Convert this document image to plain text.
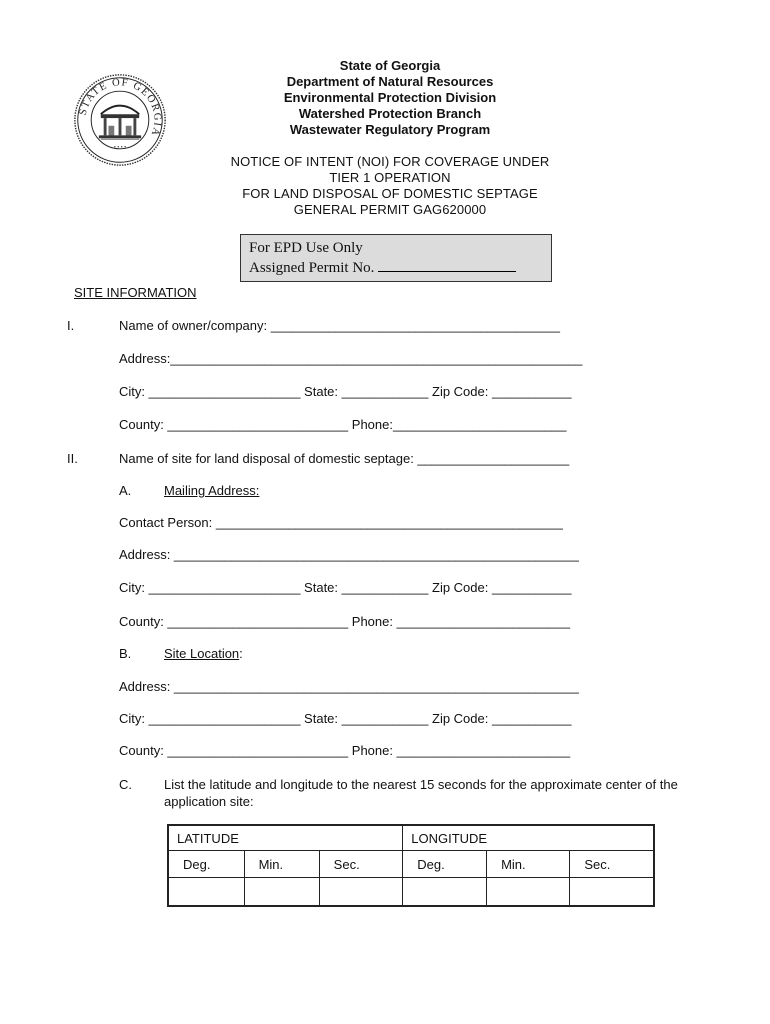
STATE OF GEORGIA
• • • •
State of Georgia
Department of Natural Resources
Environmental Protection Division
Watershed Protection Branch
Wastewater Regulatory Program
NOTICE OF INTENT (NOI) FOR COVERAGE UNDER
TIER 1 OPERATION
FOR LAND DISPOSAL OF DOMESTIC SEPTAGE
GENERAL PERMIT GAG620000
For EPD Use Only
Assigned Permit No.
SITE INFORMATION
I.	Name of owner/company: ________________________________________
Address:_________________________________________________________
City: _____________________ State: ____________ Zip Code: ___________
County: _________________________ Phone:________________________
II.	Name of site for land disposal of domestic septage: _____________________
A.	Mailing Address:
Contact Person: ________________________________________________
Address: ________________________________________________________
City: _____________________ State: ____________ Zip Code: ___________
County: _________________________ Phone: ________________________
B.	Site Location:
Address: ________________________________________________________
City: _____________________ State: ____________ Zip Code: ___________
County: _________________________ Phone: ________________________
C. List the latitude and longitude to the nearest 15 seconds for the approximate center of the
application site:
LATITUDE			LONGITUDE		
Deg.	Min.	Sec.	Deg.	Min.	Sec.
